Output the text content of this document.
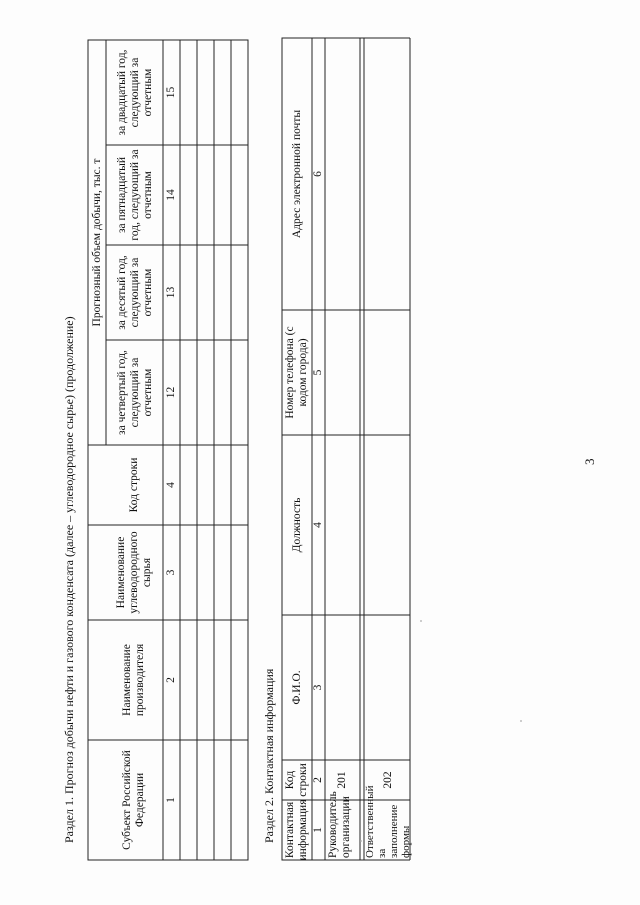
3
Раздел 1. Прогноз добычи нефти и газового конденсата (далее – углеводородное сырье) (продолжение)	Субъект Российской Федерации
Наименование производителя
Наименование углеводородного сырья
Код строки
Прогнозный объем добычи, тыс. т
за четвертый год, следующий за отчетным
за десятый год, следующий за отчетным
за пятнадцатый год, следующий за отчетным
за двадцатый год, следующий за отчетным
1
2
3
4
12
13
14
15
Раздел 2. Контактная информация Контактная информация
Код строки
Ф.И.О.
Должность
Номер телефона (с кодом города)
Адрес электронной почты
1
2
3
4
5
6
Руководитель организации
201
Ответственный за заполнение формы
202
